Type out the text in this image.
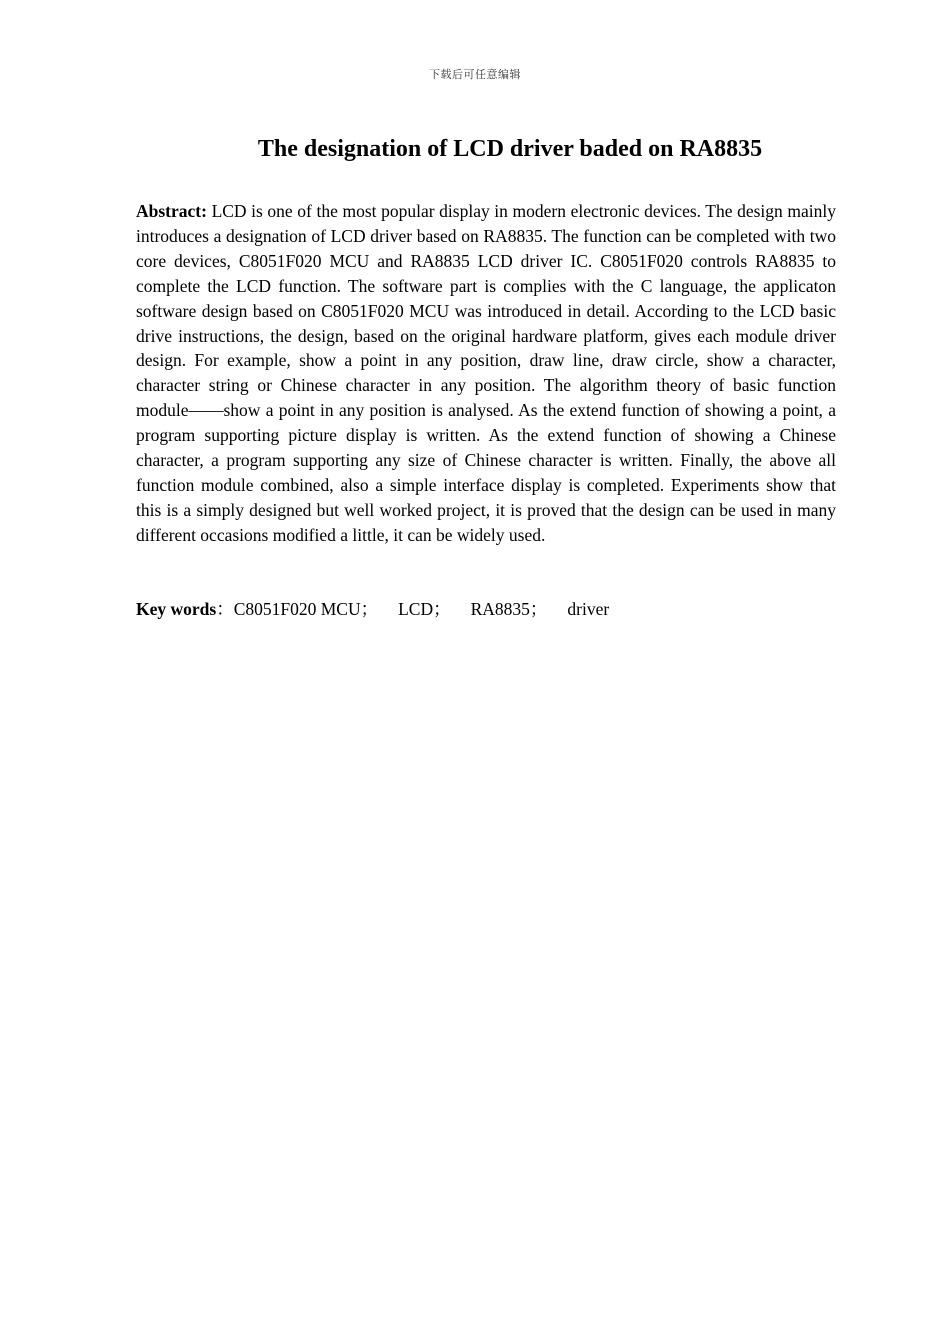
下载后可任意编辑
The designation of LCD driver baded on RA8835

Abstract: LCD is one of the most popular display in modern electronic devices. The design mainly introduces a designation of LCD driver based on RA8835. The function can be completed with two core devices, C8051F020 MCU and RA8835 LCD driver IC. C8051F020 controls RA8835 to complete the LCD function. The software part is complies with the C language, the applicaton software design based on C8051F020 MCU was introduced in detail. According to the LCD basic drive instructions, the design, based on the original hardware platform, gives each module driver design. For example, show a point in any position, draw line, draw circle, show a character, character string or Chinese character in any position. The algorithm theory of basic function module——show a point in any position is analysed. As the extend function of showing a point, a program supporting picture display is written. As the extend function of showing a Chinese character, a program supporting any size of Chinese character is written. Finally, the above all function module combined, also a simple interface display is completed. Experiments show that this is a simply designed but well worked project, it is proved that the design can be used in many different occasions modified a little, it can be widely used.

Key words：C8051F020 MCU； LCD； RA8835； driver
